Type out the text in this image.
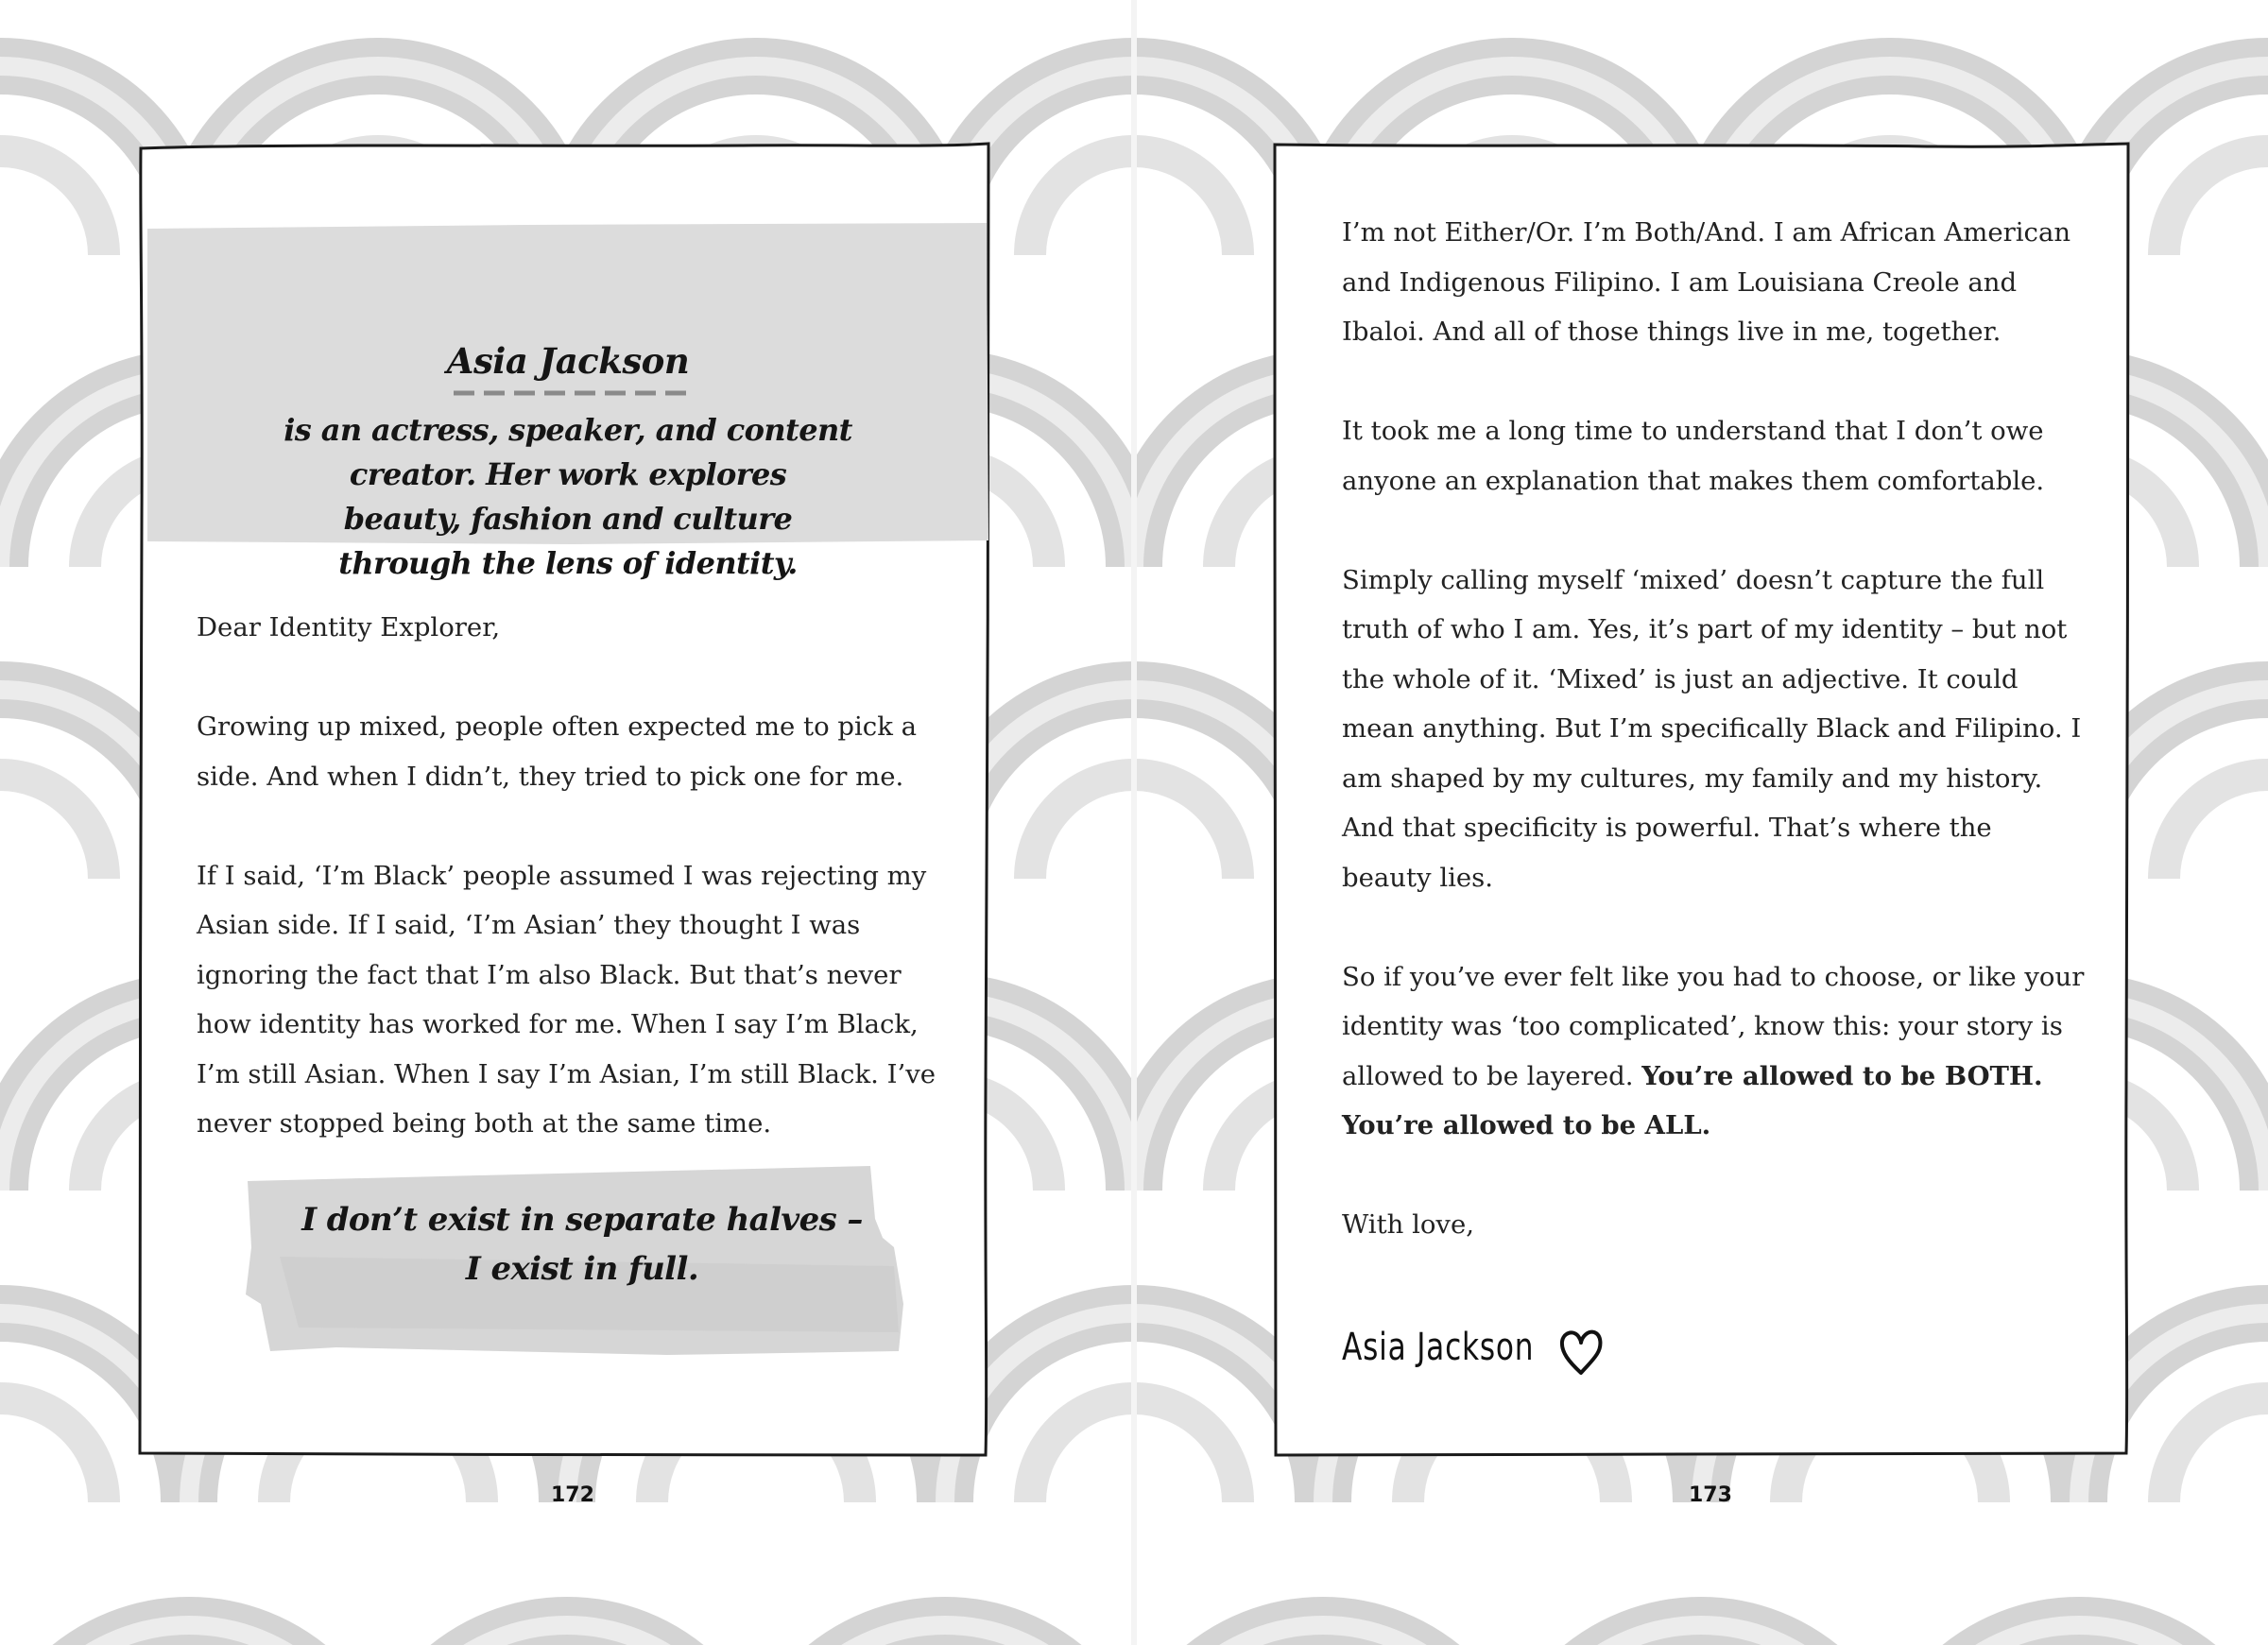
Asia Jackson
is an actress, speaker, and content
creator. Her work explores
beauty, fashion and culture
through the lens of identity.

Dear Identity Explorer,

Growing up mixed, people often expected me to pick a side. And when I didn’t, they tried to pick one for me.

If I said, ‘I’m Black’ people assumed I was rejecting my Asian side. If I said, ‘I’m Asian’ they thought I was ignoring the fact that I’m also Black. But that’s never how identity has worked for me. When I say I’m Black, I’m still Asian. When I say I’m Asian, I’m still Black. I’ve never stopped being both at the same time.

I don’t exist in separate halves –
I exist in full.
172

I’m not Either/Or. I’m Both/And. I am African American and Indigenous Filipino. I am Louisiana Creole and Ibaloi. And all of those things live in me, together.

It took me a long time to understand that I don’t owe anyone an explanation that makes them comfortable.

Simply calling myself ‘mixed’ doesn’t capture the full truth of who I am. Yes, it’s part of my identity – but not the whole of it. ‘Mixed’ is just an adjective. It could mean anything. But I’m specifically Black and Filipino. I am shaped by my cultures, my family and my history. And that specificity is powerful. That’s where the beauty lies.

So if you’ve ever felt like you had to choose, or like your identity was ‘too complicated’, know this: your story is allowed to be layered. You’re allowed to be BOTH. You’re allowed to be ALL.

With love,

Asia Jackson
173
